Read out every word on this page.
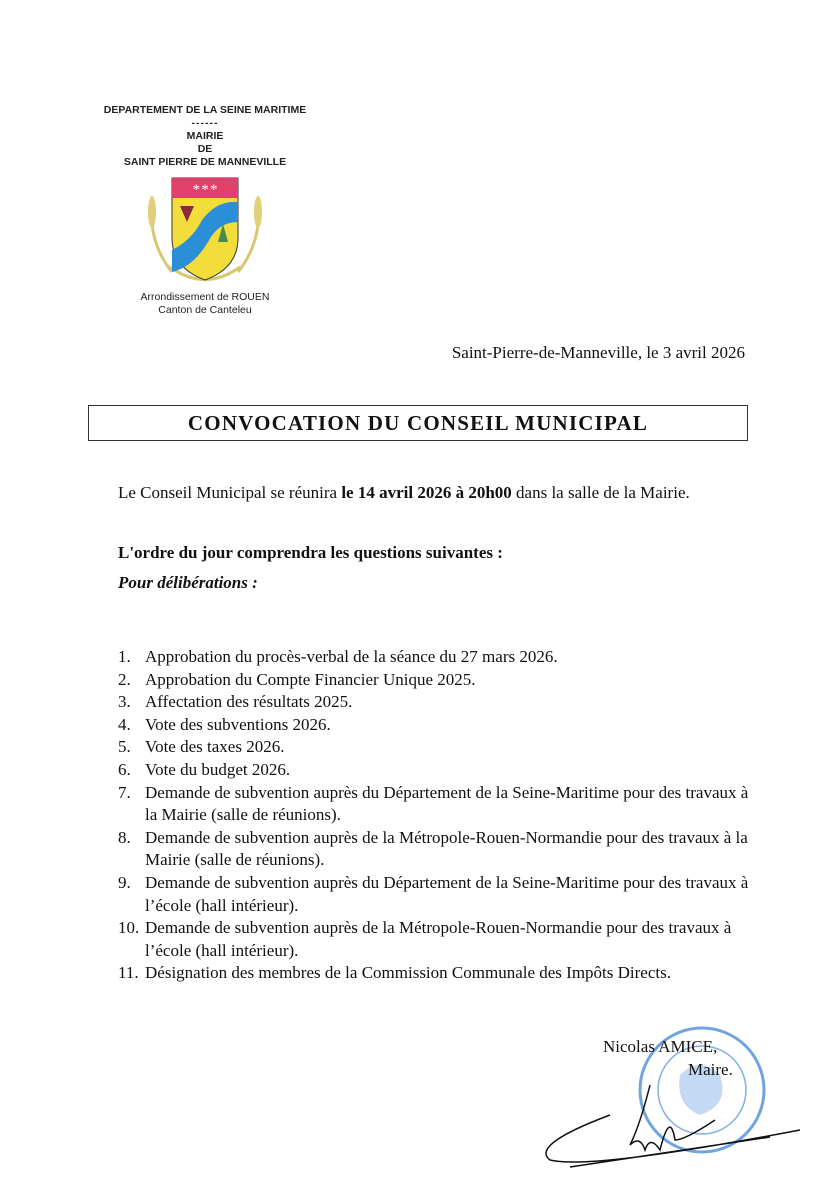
DEPARTEMENT DE LA SEINE MARITIME
------
MAIRIE
DE
SAINT PIERRE DE MANNEVILLE
* * *
Arrondissement de ROUEN
Canton de Canteleu
Saint-Pierre-de-Manneville, le 3 avril 2026
CONVOCATION DU CONSEIL MUNICIPAL
Le Conseil Municipal se réunira le 14 avril 2026 à 20h00 dans la salle de la Mairie.
L'ordre du jour comprendra les questions suivantes :
Pour délibérations :
1. Approbation du procès-verbal de la séance du 27 mars 2026.
2. Approbation du Compte Financier Unique 2025.
3. Affectation des résultats 2025.
4. Vote des subventions 2026.
5. Vote des taxes 2026.
6. Vote du budget 2026.
7. Demande de subvention auprès du Département de la Seine-Maritime pour des travaux à la Mairie (salle de réunions).
8. Demande de subvention auprès de la Métropole-Rouen-Normandie pour des travaux à la Mairie (salle de réunions).
9. Demande de subvention auprès du Département de la Seine-Maritime pour des travaux à l’école (hall intérieur).
10. Demande de subvention auprès de la Métropole-Rouen-Normandie pour des travaux à l’école (hall intérieur).
11. Désignation des membres de la Commission Communale des Impôts Directs.
Nicolas AMICE,
Maire.
